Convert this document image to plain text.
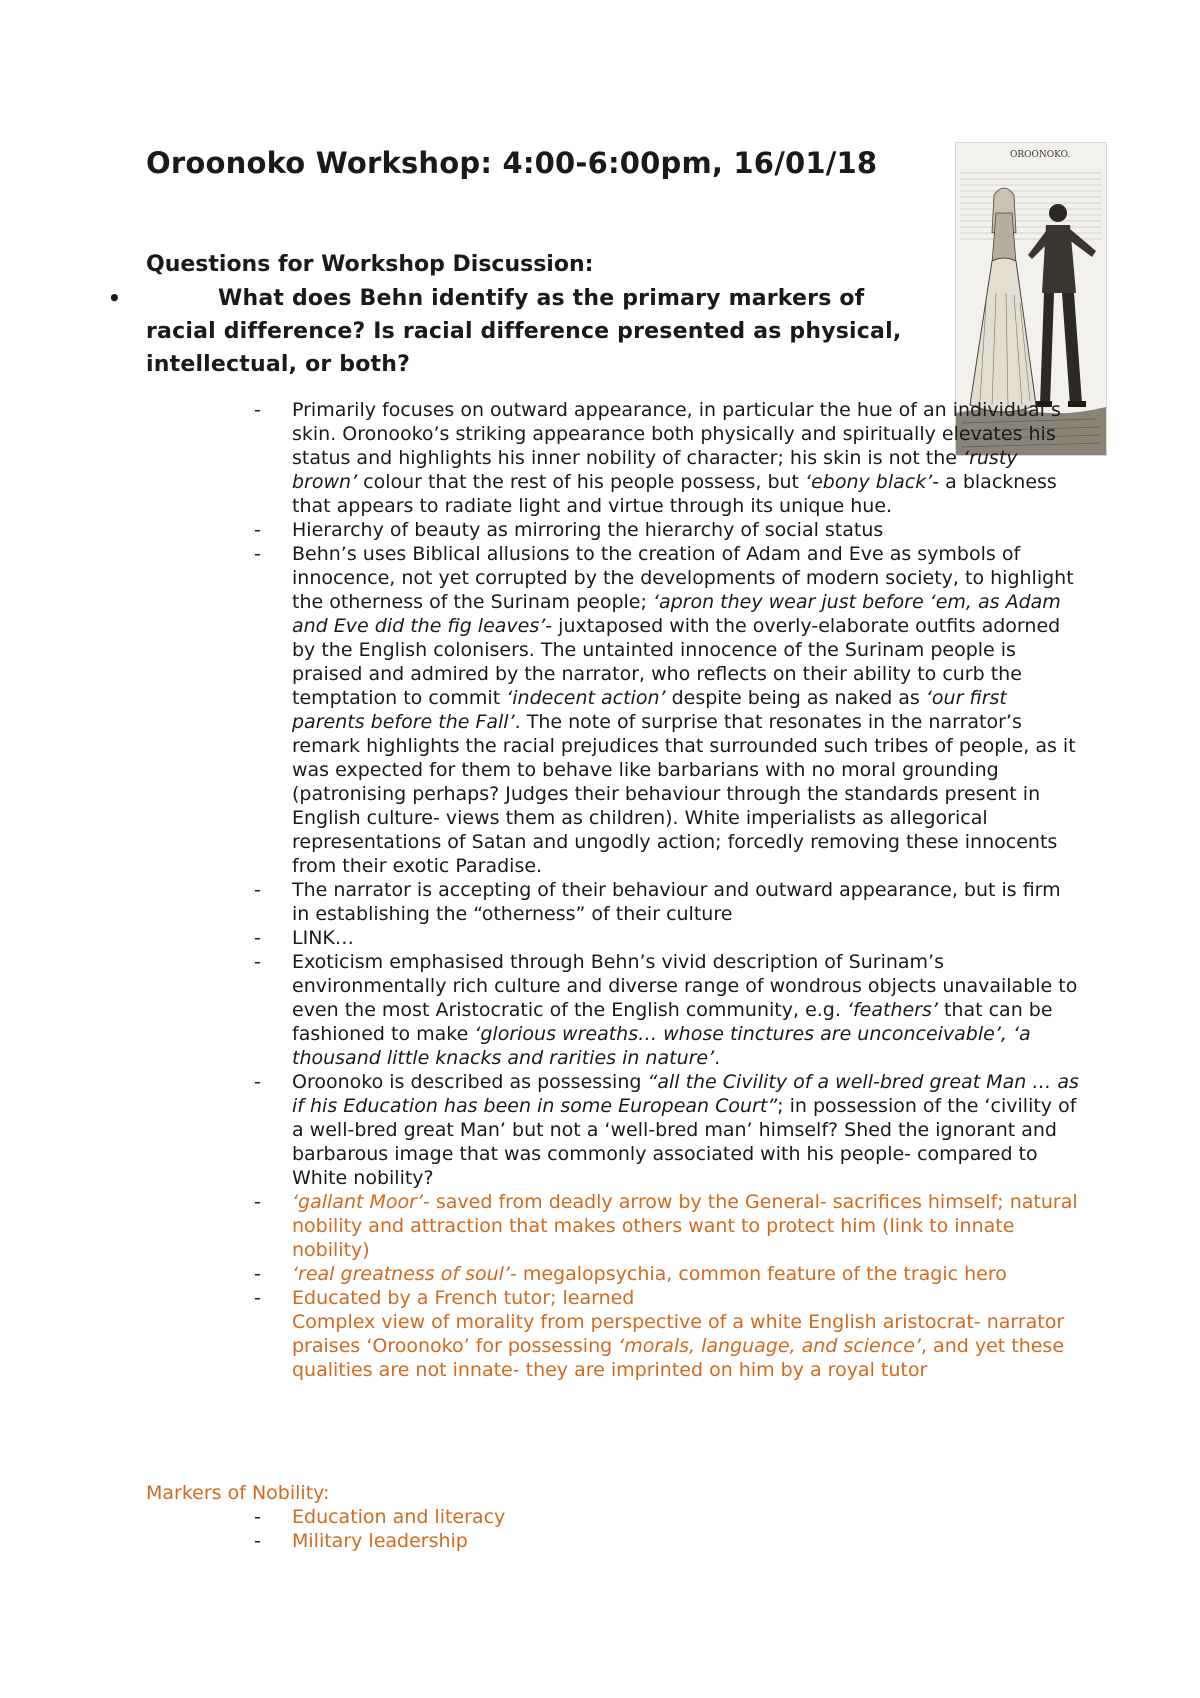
Oroonoko Workshop: 4:00-6:00pm, 16/01/18	OROONOKO.
Questions for Workshop Discussion:

•	What does Behn identify as the primary markers of racial difference? Is racial difference presented as physical, intellectual, or both?

- Primarily focuses on outward appearance, in particular the hue of an individual’s skin. Oronooko’s striking appearance both physically and spiritually elevates his status and highlights his inner nobility of character; his skin is not the ‘rusty brown’ colour that the rest of his people possess, but ‘ebony black’- a blackness that appears to radiate light and virtue through its unique hue.
- Hierarchy of beauty as mirroring the hierarchy of social status
- Behn’s uses Biblical allusions to the creation of Adam and Eve as symbols of innocence, not yet corrupted by the developments of modern society, to highlight the otherness of the Surinam people; ‘apron they wear just before ‘em, as Adam and Eve did the fig leaves’- juxtaposed with the overly-elaborate outfits adorned by the English colonisers. The untainted innocence of the Surinam people is praised and admired by the narrator, who reflects on their ability to curb the temptation to commit ‘indecent action’ despite being as naked as ‘our first parents before the Fall’. The note of surprise that resonates in the narrator’s remark highlights the racial prejudices that surrounded such tribes of people, as it was expected for them to behave like barbarians with no moral grounding (patronising perhaps? Judges their behaviour through the standards present in English culture- views them as children). White imperialists as allegorical representations of Satan and ungodly action; forcedly removing these innocents from their exotic Paradise.
- The narrator is accepting of their behaviour and outward appearance, but is firm in establishing the “otherness” of their culture
- LINK…
- Exoticism emphasised through Behn’s vivid description of Surinam’s environmentally rich culture and diverse range of wondrous objects unavailable to even the most Aristocratic of the English community, e.g. ‘feathers’ that can be fashioned to make ‘glorious wreaths… whose tinctures are unconceivable’, ‘a thousand little knacks and rarities in nature’.
- Oroonoko is described as possessing “all the Civility of a well-bred great Man … as if his Education has been in some European Court”; in possession of the ‘civility of a well-bred great Man’ but not a ‘well-bred man’ himself? Shed the ignorant and barbarous image that was commonly associated with his people- compared to White nobility?
- ‘gallant Moor’- saved from deadly arrow by the General- sacrifices himself; natural nobility and attraction that makes others want to protect him (link to innate nobility)
- ‘real greatness of soul’- megalopsychia, common feature of the tragic hero
- Educated by a French tutor; learned
Complex view of morality from perspective of a white English aristocrat- narrator praises ‘Oroonoko’ for possessing ‘morals, language, and science’, and yet these qualities are not innate- they are imprinted on him by a royal tutor

Markers of Nobility:

- Education and literacy
- Military leadership
